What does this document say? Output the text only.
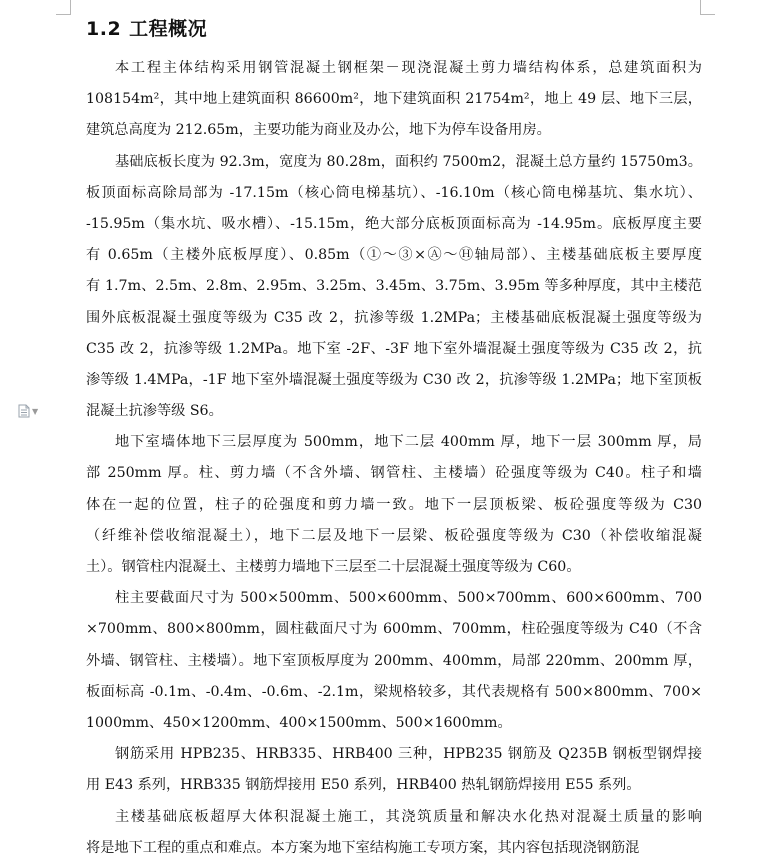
1.2 工程概况
▼
本工程主体结构采用钢管混凝土钢框架－现浇混凝土剪力墙结构体系，总建筑面积为
108154m²，其中地上建筑面积 86600m²，地下建筑面积 21754m²，地上 49 层、地下三层，
建筑总高度为 212.65m，主要功能为商业及办公，地下为停车设备用房。
基础底板长度为 92.3m，宽度为 80.28m，面积约 7500m2，混凝土总方量约 15750m3。
板顶面标高除局部为 -17.15m（核心筒电梯基坑）、-16.10m（核心筒电梯基坑、集水坑）、
-15.95m（集水坑、吸水槽）、-15.15m，绝大部分底板顶面标高为 -14.95m。底板厚度主要
有 0.65m（主楼外底板厚度）、0.85m（①～③×Ⓐ～Ⓗ轴局部）、主楼基础底板主要厚度
有 1.7m、2.5m、2.8m、2.95m、3.25m、3.45m、3.75m、3.95m 等多种厚度，其中主楼范
围外底板混凝土强度等级为 C35 改 2，抗渗等级 1.2MPa；主楼基础底板混凝土强度等级为
C35 改 2，抗渗等级 1.2MPa。地下室 -2F、-3F 地下室外墙混凝土强度等级为 C35 改 2，抗
渗等级 1.4MPa，-1F 地下室外墙混凝土强度等级为 C30 改 2，抗渗等级 1.2MPa；地下室顶板
混凝土抗渗等级 S6。
地下室墙体地下三层厚度为 500mm，地下二层 400mm 厚，地下一层 300mm 厚，局
部 250mm 厚。柱、剪力墙（不含外墙、钢管柱、主楼墙）砼强度等级为 C40。柱子和墙
体在一起的位置，柱子的砼强度和剪力墙一致。地下一层顶板梁、板砼强度等级为 C30
（纤维补偿收缩混凝土），地下二层及地下一层梁、板砼强度等级为 C30（补偿收缩混凝
土）。钢管柱内混凝土、主楼剪力墙地下三层至二十层混凝土强度等级为 C60。
柱主要截面尺寸为 500×500mm、500×600mm、500×700mm、600×600mm、700
×700mm、800×800mm，圆柱截面尺寸为 600mm、700mm，柱砼强度等级为 C40（不含
外墙、钢管柱、主楼墙）。地下室顶板厚度为 200mm、400mm，局部 220mm、200mm 厚，
板面标高 -0.1m、-0.4m、-0.6m、-2.1m，梁规格较多，其代表规格有 500×800mm、700×
1000mm、450×1200mm、400×1500mm、500×1600mm。
钢筋采用 HPB235、HRB335、HRB400 三种，HPB235 钢筋及 Q235B 钢板型钢焊接
用 E43 系列，HRB335 钢筋焊接用 E50 系列，HRB400 热轧钢筋焊接用 E55 系列。
主楼基础底板超厚大体积混凝土施工，其浇筑质量和解决水化热对混凝土质量的影响
将是地下工程的重点和难点。本方案为地下室结构施工专项方案，其内容包括现浇钢筋混
